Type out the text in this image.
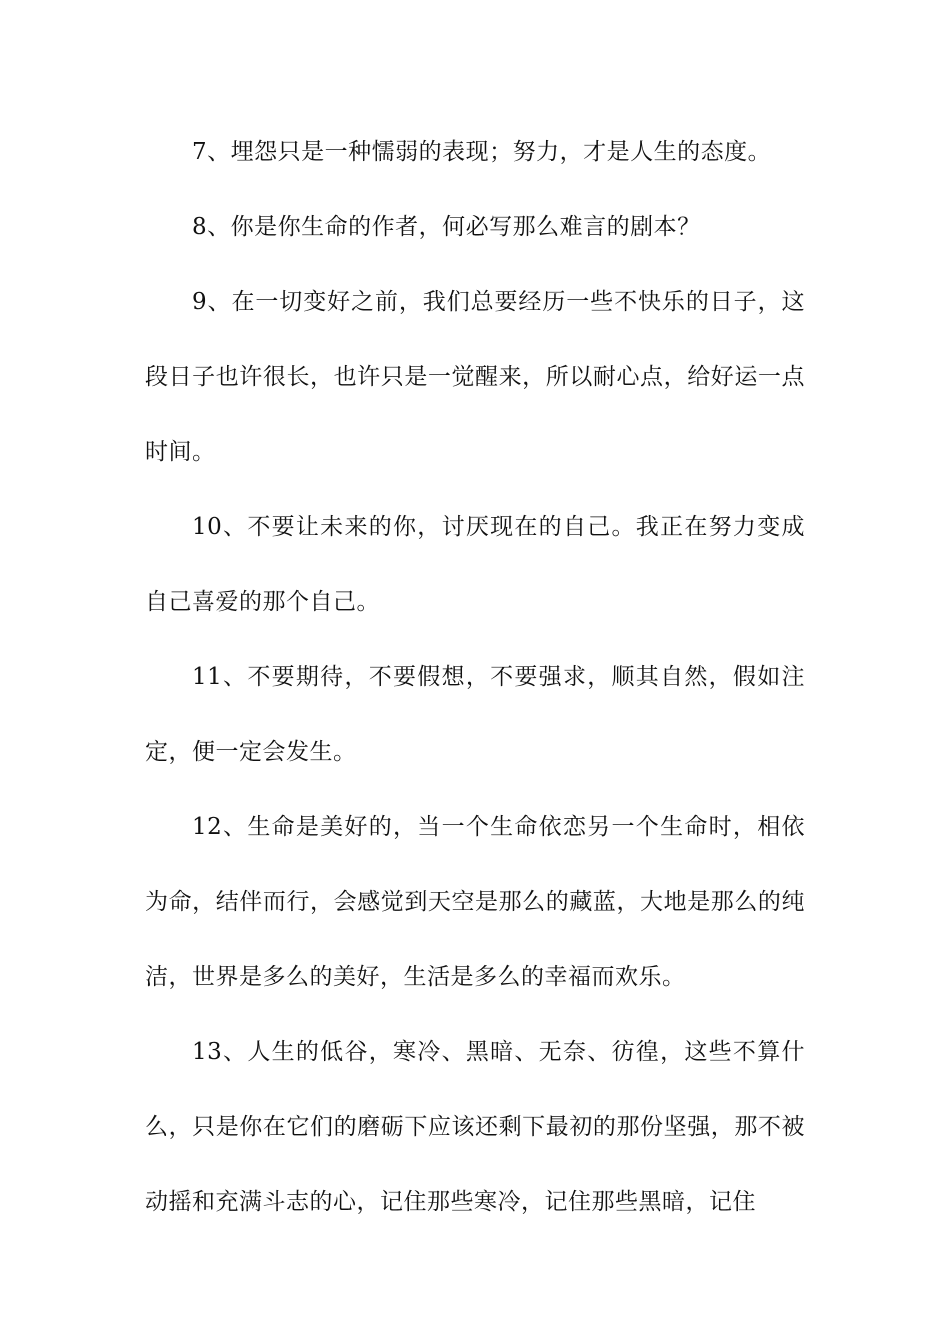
7、埋怨只是一种懦弱的表现；努力，才是人生的态度。

8、你是你生命的作者，何必写那么难言的剧本？

9、在一切变好之前，我们总要经历一些不快乐的日子，这段日子也许很长，也许只是一觉醒来，所以耐心点，给好运一点时间。

10、不要让未来的你，讨厌现在的自己。我正在努力变成自己喜爱的那个自己。

11、不要期待，不要假想，不要强求，顺其自然，假如注定，便一定会发生。

12、生命是美好的，当一个生命依恋另一个生命时，相依为命，结伴而行，会感觉到天空是那么的藏蓝，大地是那么的纯洁，世界是多么的美好，生活是多么的幸福而欢乐。

13、人生的低谷，寒冷、黑暗、无奈、彷徨，这些不算什么，只是你在它们的磨砺下应该还剩下最初的那份坚强，那不被动摇和充满斗志的心，记住那些寒冷，记住那些黑暗，记住
